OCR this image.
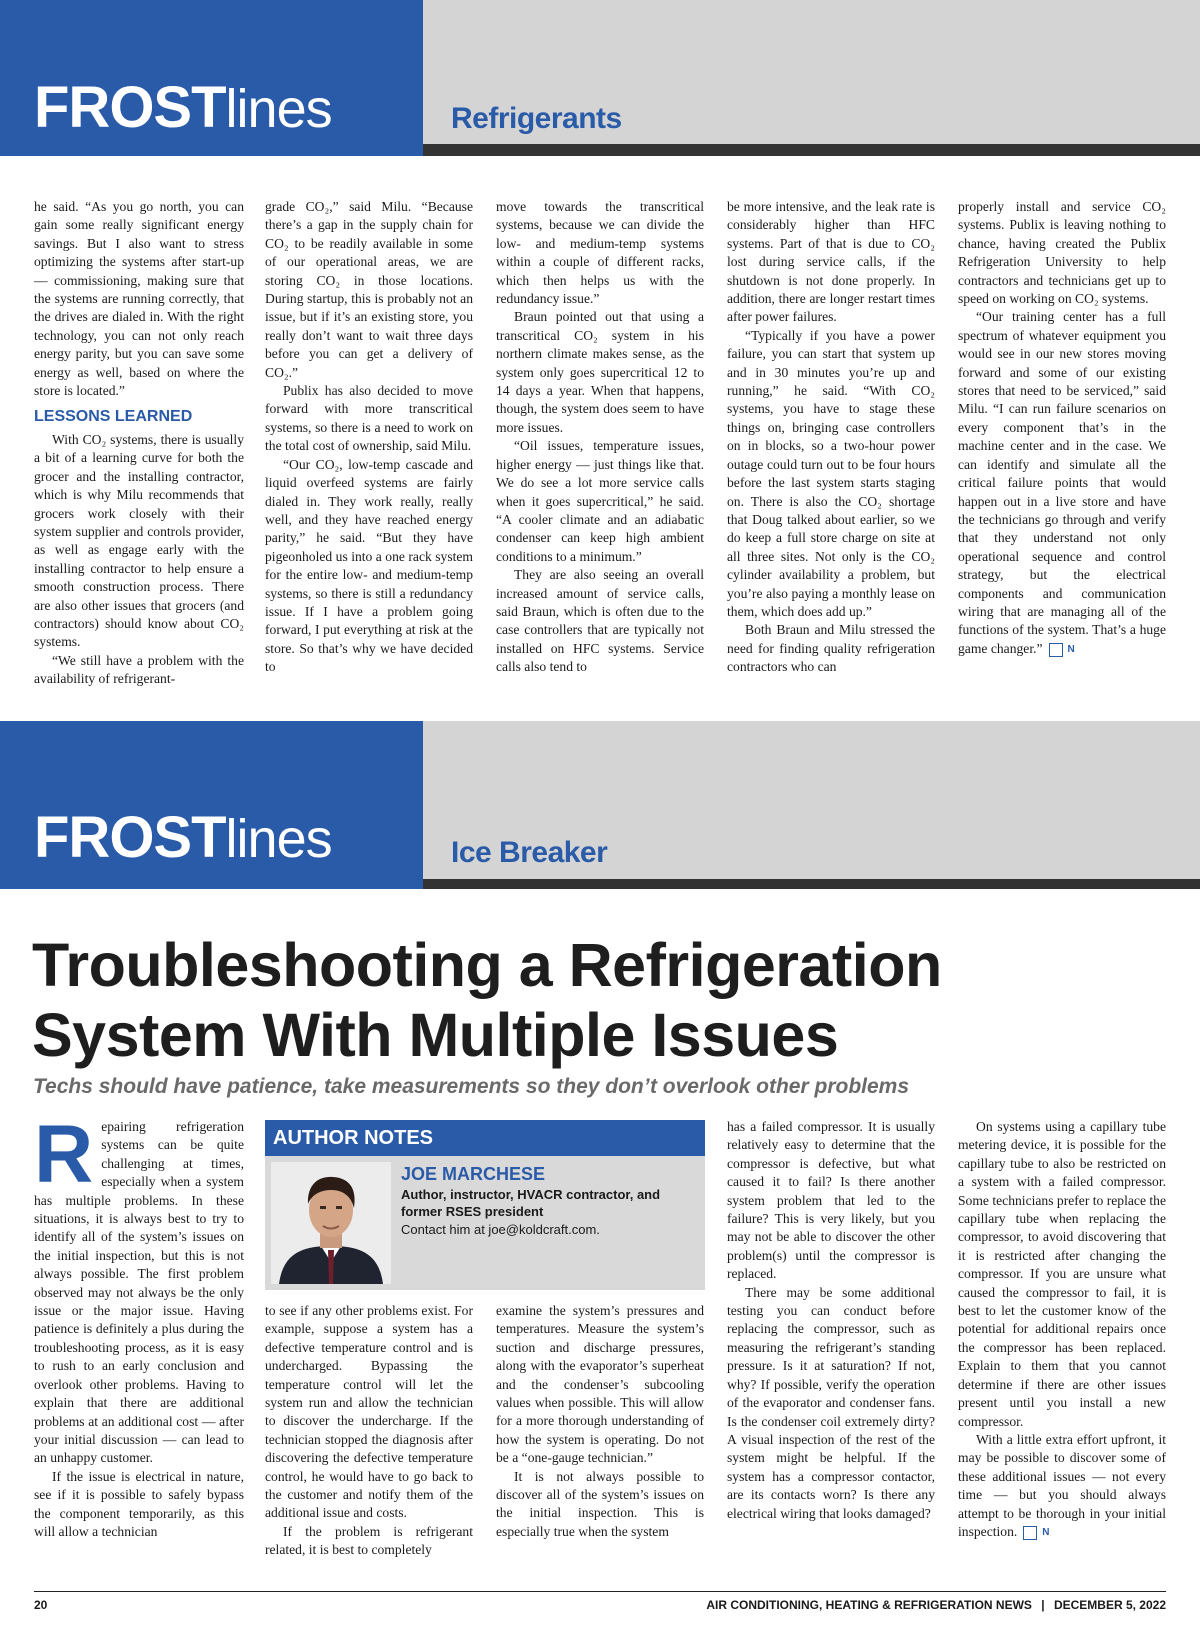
FROSTlines	Refrigerants

he said. “As you go north, you can gain some really significant energy savings. But I also want to stress optimizing the systems after start-up — commissioning, making sure that the systems are running correctly, that the drives are dialed in. With the right technology, you can not only reach energy parity, but you can save some energy as well, based on where the store is located.”

LESSONS LEARNED

With CO₂ systems, there is usually a bit of a learning curve for both the grocer and the installing contractor, which is why Milu recommends that grocers work closely with their system supplier and controls provider, as well as engage early with the installing contractor to help ensure a smooth construction process. There are also other issues that grocers (and contractors) should know about CO₂ systems.

“We still have a problem with the availability of refrigerant-

grade CO₂,” said Milu. “Because there’s a gap in the supply chain for CO₂ to be readily available in some of our operational areas, we are storing CO₂ in those locations. During startup, this is probably not an issue, but if it’s an existing store, you really don’t want to wait three days before you can get a delivery of CO₂.”

Publix has also decided to move forward with more transcritical systems, so there is a need to work on the total cost of ownership, said Milu.

“Our CO₂, low-temp cascade and liquid overfeed systems are fairly dialed in. They work really, really well, and they have reached energy parity,” he said. “But they have pigeonholed us into a one rack system for the entire low- and medium-temp systems, so there is still a redundancy issue. If I have a problem going forward, I put everything at risk at the store. So that’s why we have decided to

move towards the transcritical systems, because we can divide the low- and medium-temp systems within a couple of different racks, which then helps us with the redundancy issue.”

Braun pointed out that using a transcritical CO₂ system in his northern climate makes sense, as the system only goes supercritical 12 to 14 days a year. When that happens, though, the system does seem to have more issues.

“Oil issues, temperature issues, higher energy — just things like that. We do see a lot more service calls when it goes supercritical,” he said. “A cooler climate and an adiabatic condenser can keep high ambient conditions to a minimum.”

They are also seeing an overall increased amount of service calls, said Braun, which is often due to the case controllers that are typically not installed on HFC systems. Service calls also tend to

be more intensive, and the leak rate is considerably higher than HFC systems. Part of that is due to CO₂ lost during service calls, if the shutdown is not done properly. In addition, there are longer restart times after power failures.

“Typically if you have a power failure, you can start that system up and in 30 minutes you’re up and running,” he said. “With CO₂ systems, you have to stage these things on, bringing case controllers on in blocks, so a two-hour power outage could turn out to be four hours before the last system starts staging on. There is also the CO₂ shortage that Doug talked about earlier, so we do keep a full store charge on site at all three sites. Not only is the CO₂ cylinder availability a problem, but you’re also paying a monthly lease on them, which does add up.”

Both Braun and Milu stressed the need for finding quality refrigeration contractors who can

properly install and service CO₂ systems. Publix is leaving nothing to chance, having created the Publix Refrigeration University to help contractors and technicians get up to speed on working on CO₂ systems.

“Our training center has a full spectrum of whatever equipment you would see in our new stores moving forward and some of our existing stores that need to be serviced,” said Milu. “I can run failure scenarios on every component that’s in the machine center and in the case. We can identify and simulate all the critical failure points that would happen out in a live store and have the technicians go through and verify that they understand not only operational sequence and control strategy, but the electrical components and communication wiring that are managing all of the functions of the system. That’s a huge game changer.”	N

FROSTlines	Ice Breaker
Troubleshooting a Refrigeration
System With Multiple Issues
Techs should have patience, take measurements so they don’t overlook other problems
R epairing refrigeration systems can be quite challenging at times, especially when a system has multiple problems. In these situations, it is always best to try to identify all of the system’s issues on the initial inspection, but this is not always possible. The first problem observed may not always be the only issue or the major issue. Having patience is definitely a plus during the troubleshooting process, as it is easy to rush to an early conclusion and overlook other problems. Having to explain that there are additional problems at an additional cost — after your initial discussion — can lead to an unhappy customer.

If the issue is electrical in nature, see if it is possible to safely bypass the component temporarily, as this will allow a technician

AUTHOR NOTES
JOE MARCHESE
Author, instructor, HVACR contractor, and former RSES president
Contact him at joe@koldcraft.com.

to see if any other problems exist. For example, suppose a system has a defective temperature control and is undercharged. Bypassing the temperature control will let the system run and allow the technician to discover the undercharge. If the technician stopped the diagnosis after discovering the defective temperature control, he would have to go back to the customer and notify them of the additional issue and costs.

If the problem is refrigerant related, it is best to completely

examine the system’s pressures and temperatures. Measure the system’s suction and discharge pressures, along with the evaporator’s superheat and the condenser’s subcooling values when possible. This will allow for a more thorough understanding of how the system is operating. Do not be a “one-gauge technician.”

It is not always possible to discover all of the system’s issues on the initial inspection. This is especially true when the system

has a failed compressor. It is usually relatively easy to determine that the compressor is defective, but what caused it to fail? Is there another system problem that led to the failure? This is very likely, but you may not be able to discover the other problem(s) until the compressor is replaced.

There may be some additional testing you can conduct before replacing the compressor, such as measuring the refrigerant’s standing pressure. Is it at saturation? If not, why? If possible, verify the operation of the evaporator and condenser fans. Is the condenser coil extremely dirty? A visual inspection of the rest of the system might be helpful. If the system has a compressor contactor, are its contacts worn? Is there any electrical wiring that looks damaged?

On systems using a capillary tube metering device, it is possible for the capillary tube to also be restricted on a system with a failed compressor. Some technicians prefer to replace the capillary tube when replacing the compressor, to avoid discovering that it is restricted after changing the compressor. If you are unsure what caused the compressor to fail, it is best to let the customer know of the potential for additional repairs once the compressor has been replaced. Explain to them that you cannot determine if there are other issues present until you install a new compressor.

With a little extra effort upfront, it may be possible to discover some of these additional issues — not every time — but you should always attempt to be thorough in your initial inspection.	N

20	AIR CONDITIONING, HEATING & REFRIGERATION NEWS | DECEMBER 5, 2022
